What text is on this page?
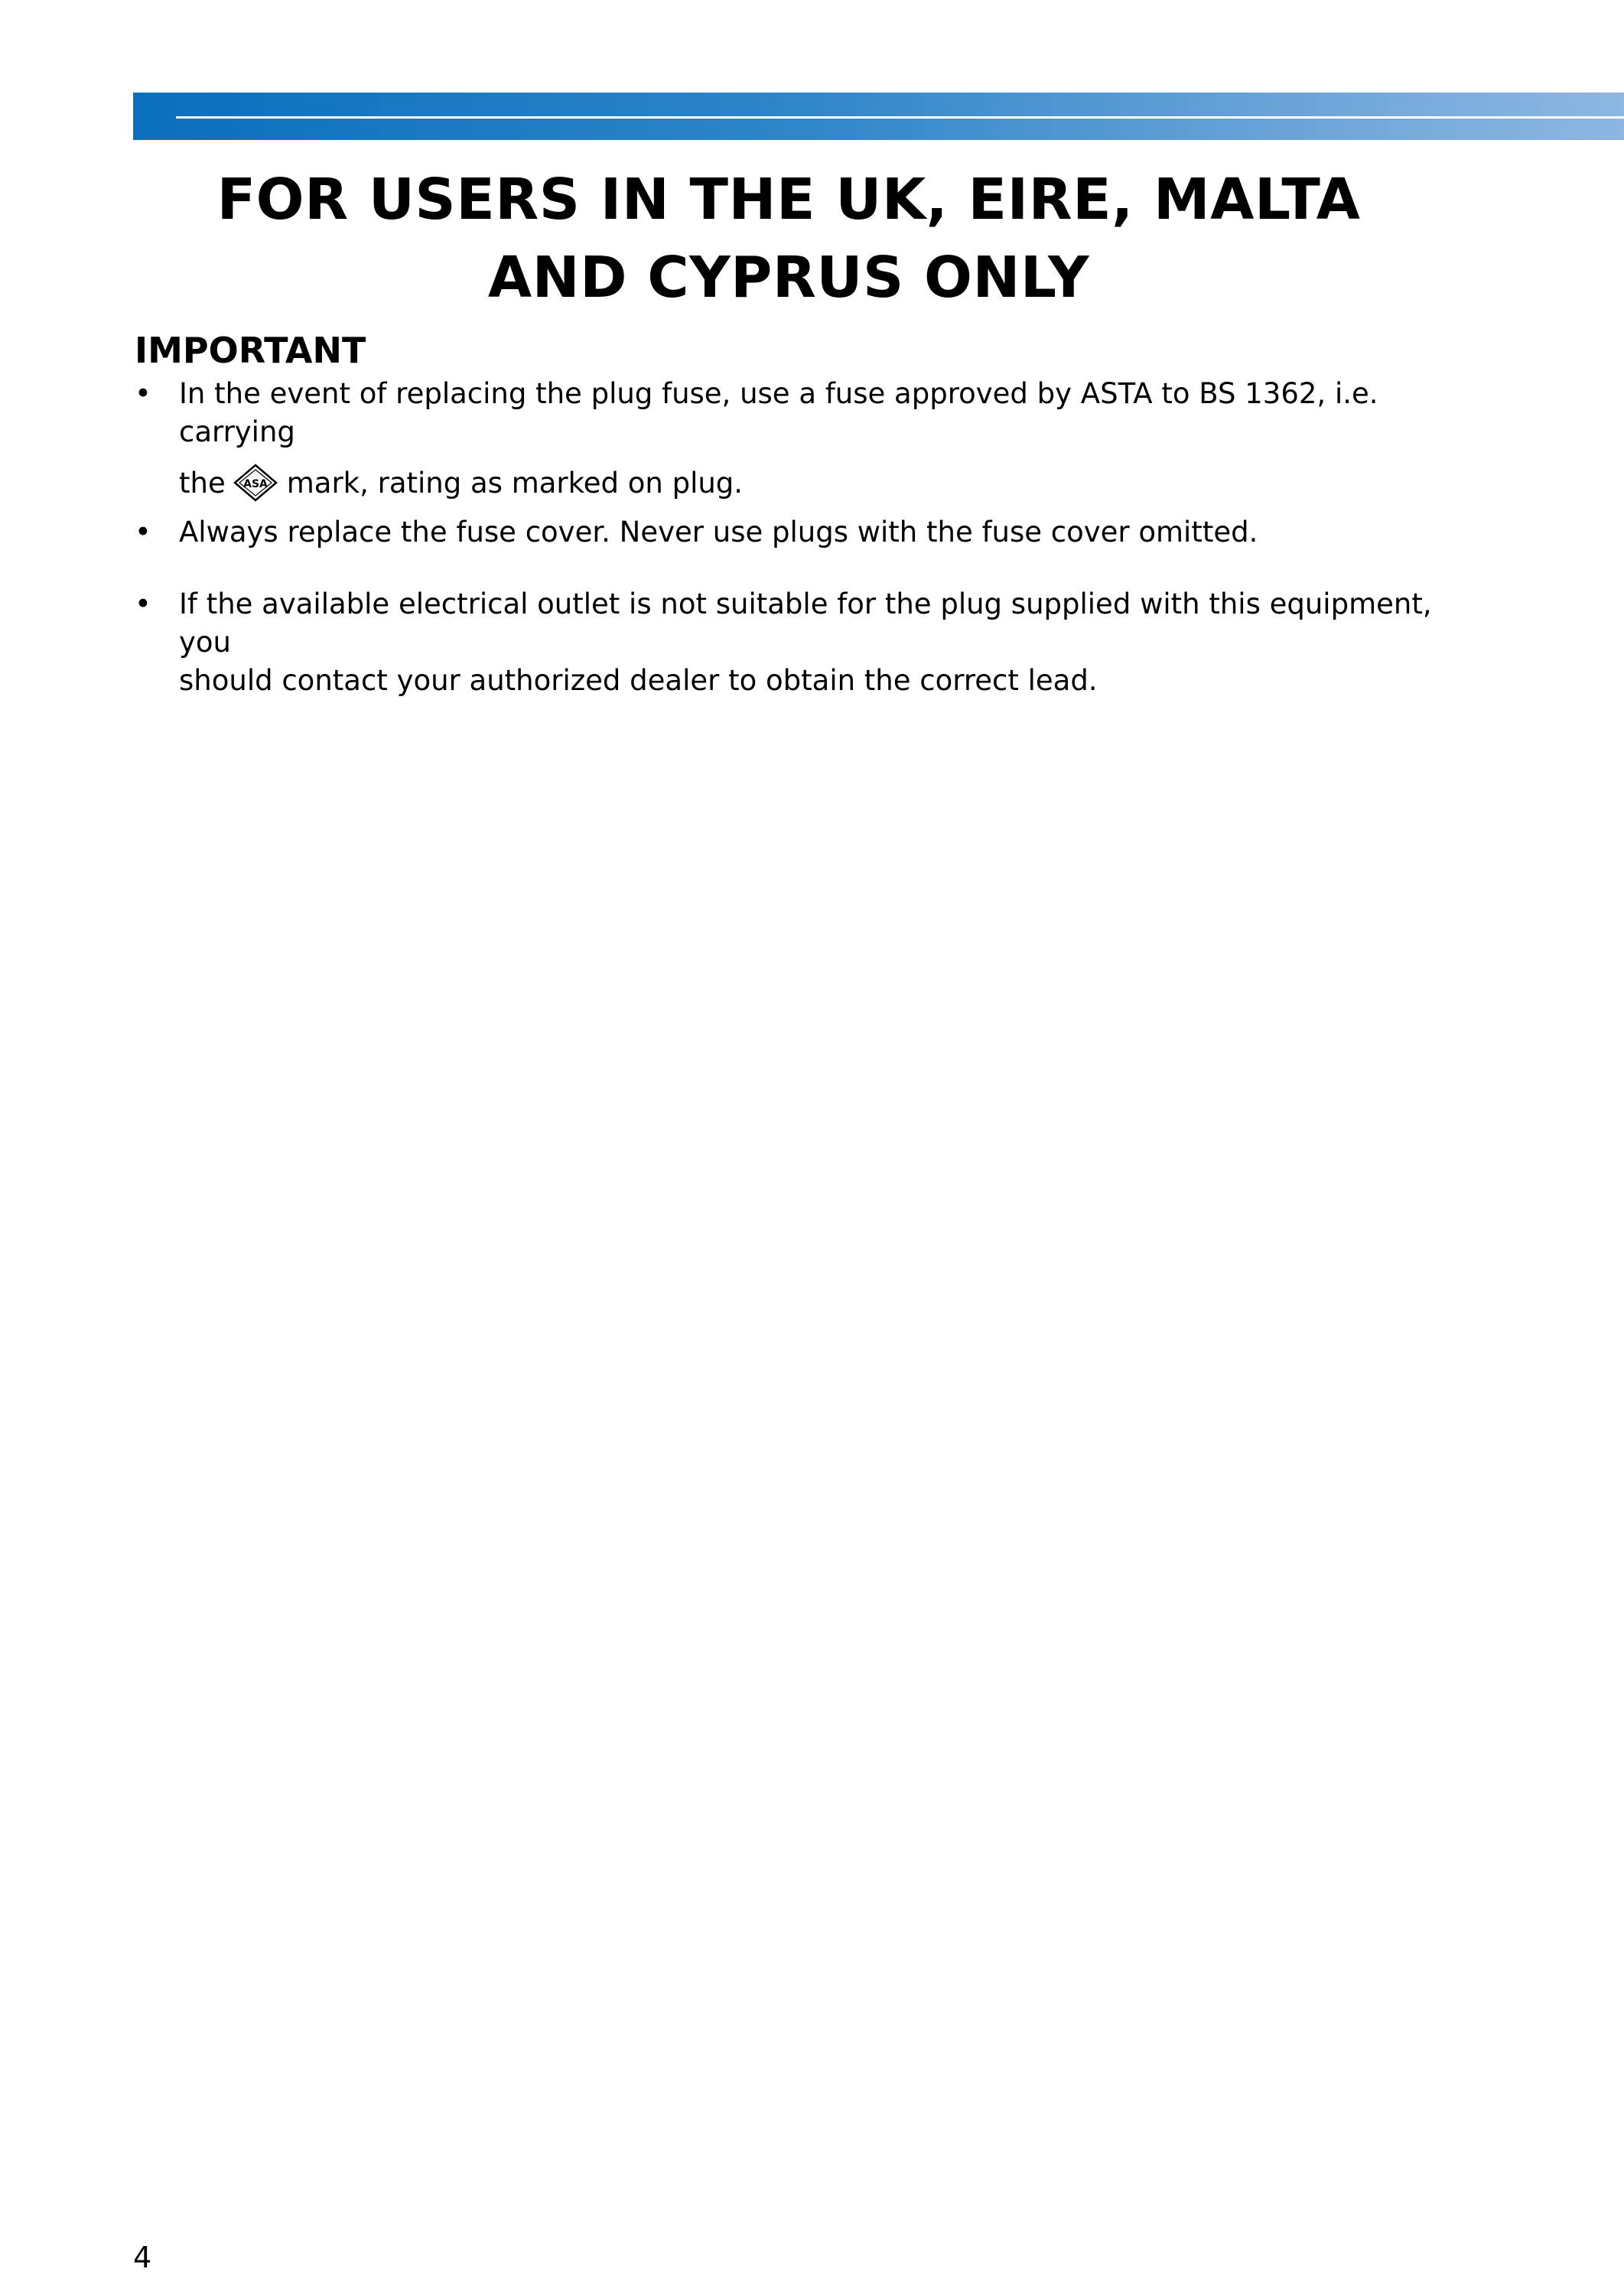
FOR USERS IN THE UK, EIRE, MALTA
AND CYPRUS ONLY
IMPORTANT
• In the event of replacing the plug fuse, use a fuse approved by ASTA to BS 1362, i.e. carrying
the ASA mark, rating as marked on plug.
• Always replace the fuse cover. Never use plugs with the fuse cover omitted.
• If the available electrical outlet is not suitable for the plug supplied with this equipment, you
should contact your authorized dealer to obtain the correct lead.
4
